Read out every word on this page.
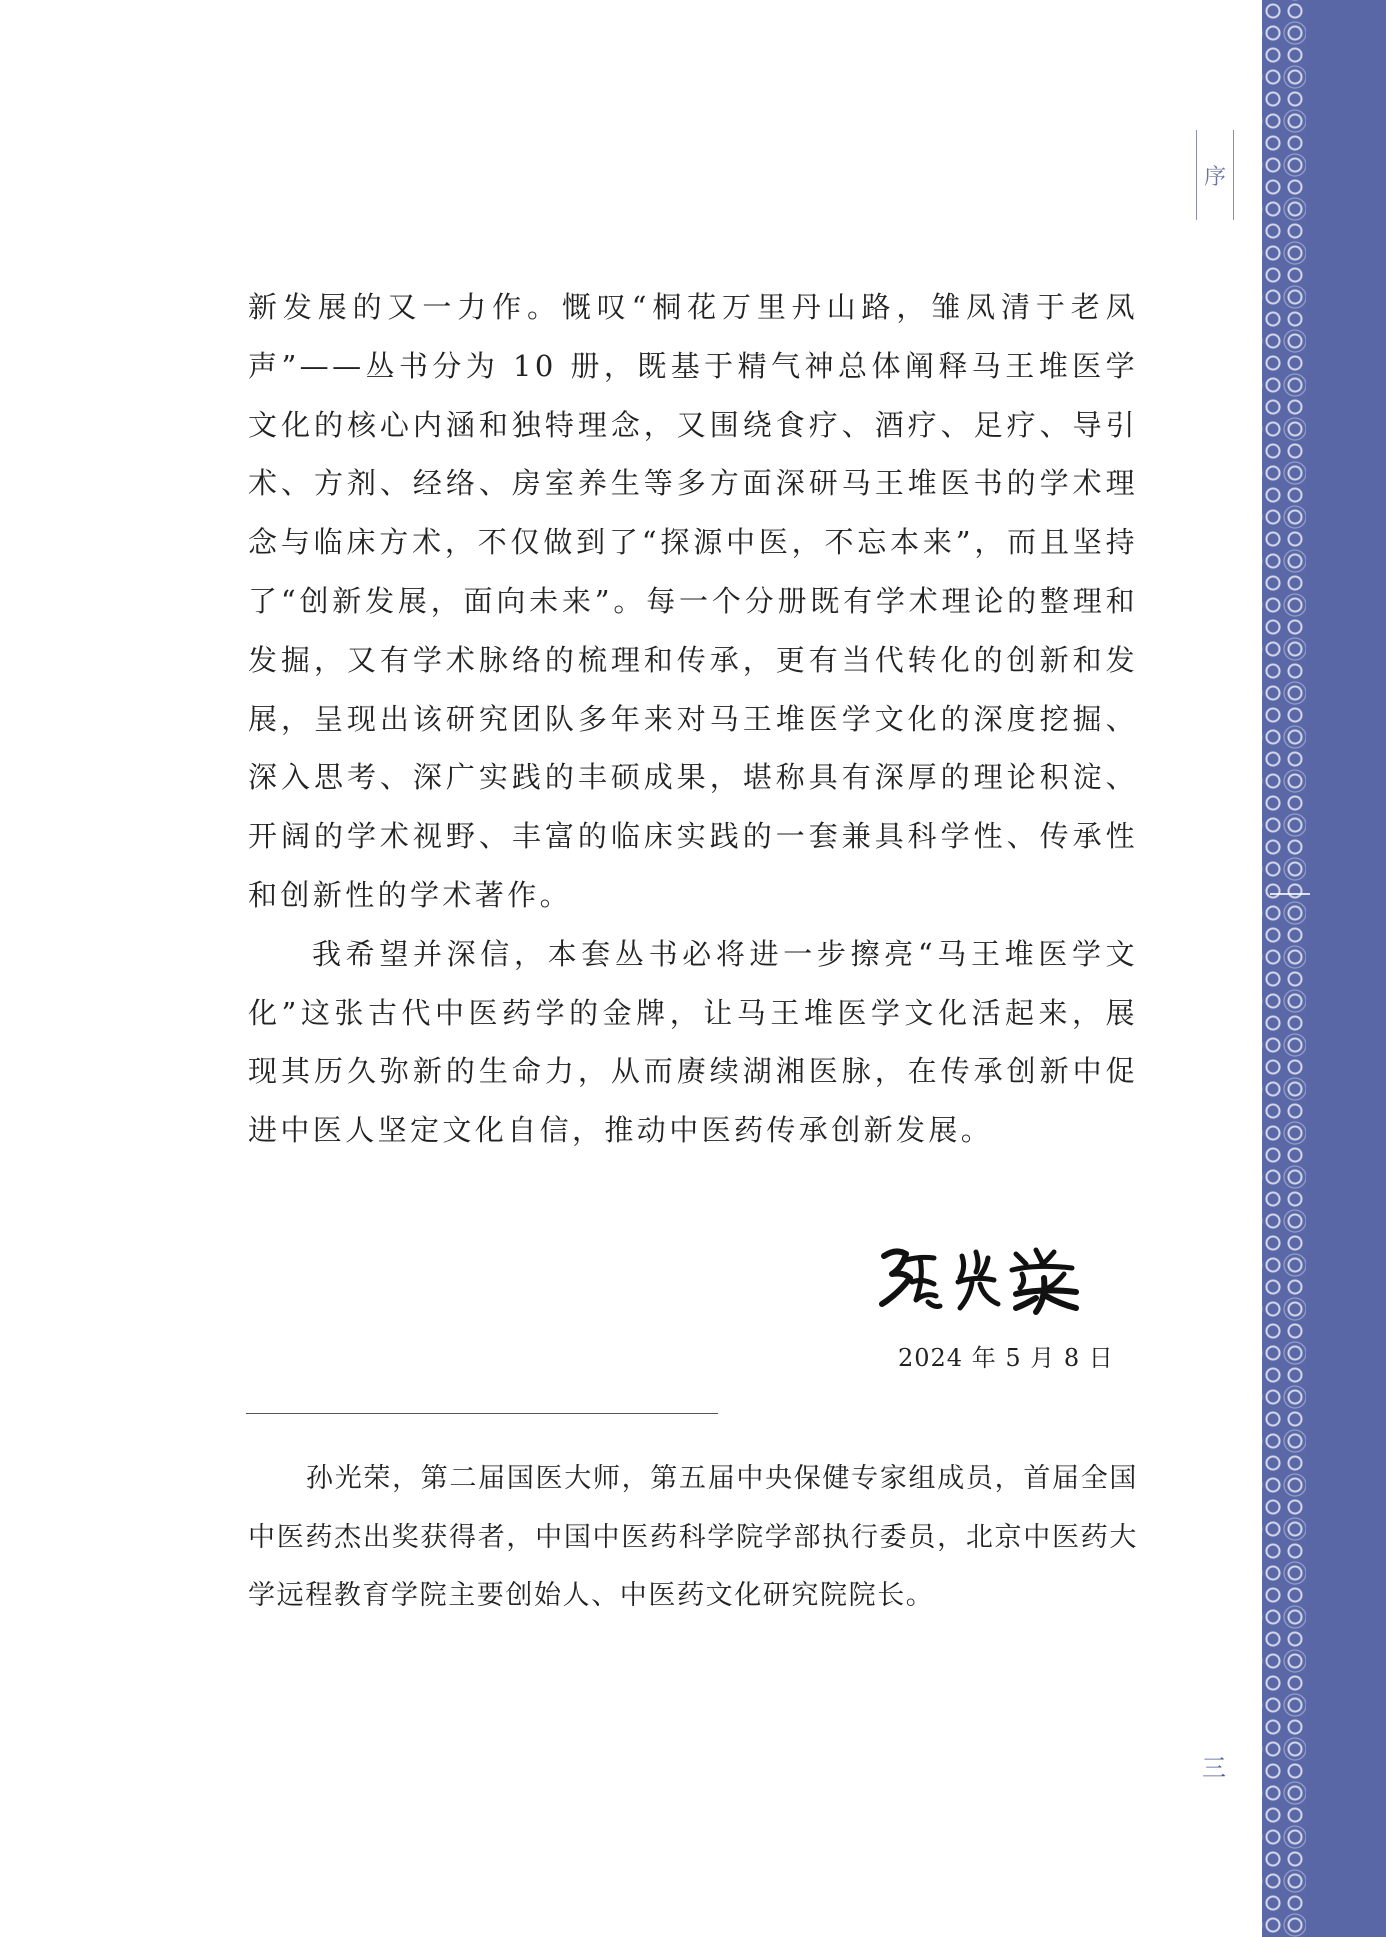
序

新发展的又一力作。慨叹“桐花万里丹山路，雏凤清于老凤声”——丛书分为 10 册，既基于精气神总体阐释马王堆医学文化的核心内涵和独特理念，又围绕食疗、酒疗、足疗、导引术、方剂、经络、房室养生等多方面深研马王堆医书的学术理念与临床方术，不仅做到了“探源中医，不忘本来”，而且坚持了“创新发展，面向未来”。每一个分册既有学术理论的整理和发掘，又有学术脉络的梳理和传承，更有当代转化的创新和发展，呈现出该研究团队多年来对马王堆医学文化的深度挖掘、深入思考、深广实践的丰硕成果，堪称具有深厚的理论积淀、开阔的学术视野、丰富的临床实践的一套兼具科学性、传承性和创新性的学术著作。

我希望并深信，本套丛书必将进一步擦亮“马王堆医学文化”这张古代中医药学的金牌，让马王堆医学文化活起来，展现其历久弥新的生命力，从而赓续湖湘医脉，在传承创新中促进中医人坚定文化自信，推动中医药传承创新发展。

2024 年 5 月 8 日

孙光荣，第二届国医大师，第五届中央保健专家组成员，首届全国中医药杰出奖获得者，中国中医药科学院学部执行委员，北京中医药大学远程教育学院主要创始人、中医药文化研究院院长。

三
